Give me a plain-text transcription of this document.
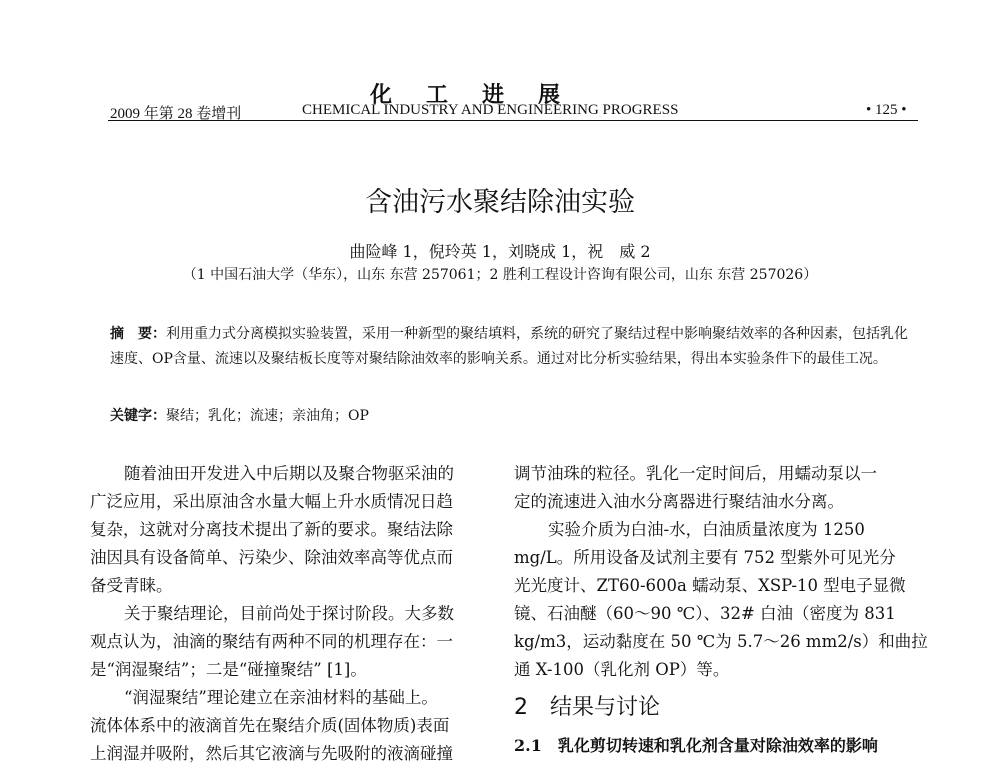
化工进展
2009 年第 28 卷增刊	CHEMICAL INDUSTRY AND ENGINEERING PROGRESS	• 125 •
含油污水聚结除油实验
曲险峰 1，倪玲英 1，刘晓成 1，祝　威 2
（1 中国石油大学（华东），山东 东营 257061；2 胜利工程设计咨询有限公司，山东 东营 257026）
摘　要：利用重力式分离模拟实验装置，采用一种新型的聚结填料，系统的研究了聚结过程中影响聚结效率的各种因素，包括乳化速度、OP含量、流速以及聚结板长度等对聚结除油效率的影响关系。通过对比分析实验结果，得出本实验条件下的最佳工况。
关键字：聚结；乳化；流速；亲油角；OP
随着油田开发进入中后期以及聚合物驱采油的
广泛应用，采出原油含水量大幅上升水质情况日趋
复杂，这就对分离技术提出了新的要求。聚结法除
油因具有设备简单、污染少、除油效率高等优点而
备受青睐。
关于聚结理论，目前尚处于探讨阶段。大多数
观点认为，油滴的聚结有两种不同的机理存在：一
是“润湿聚结”；二是“碰撞聚结” [1]。
“润湿聚结”理论建立在亲油材料的基础上。
流体体系中的液滴首先在聚结介质(固体物质)表面
上润湿并吸附，然后其它液滴与先吸附的液滴碰撞
调节油珠的粒径。乳化一定时间后，用蠕动泵以一
定的流速进入油水分离器进行聚结油水分离。
实验介质为白油-水，白油质量浓度为 1250
mg/L。所用设备及试剂主要有 752 型紫外可见光分
光光度计、ZT60-600a 蠕动泵、XSP-10 型电子显微
镜、石油醚（60～90 ℃）、32# 白油（密度为 831
kg/m3，运动黏度在 50 ℃为 5.7～26 mm2/s）和曲拉
通 X-100（乳化剂 OP）等。
2　结果与讨论
2.1　乳化剪切转速和乳化剂含量对除油效率的影响
